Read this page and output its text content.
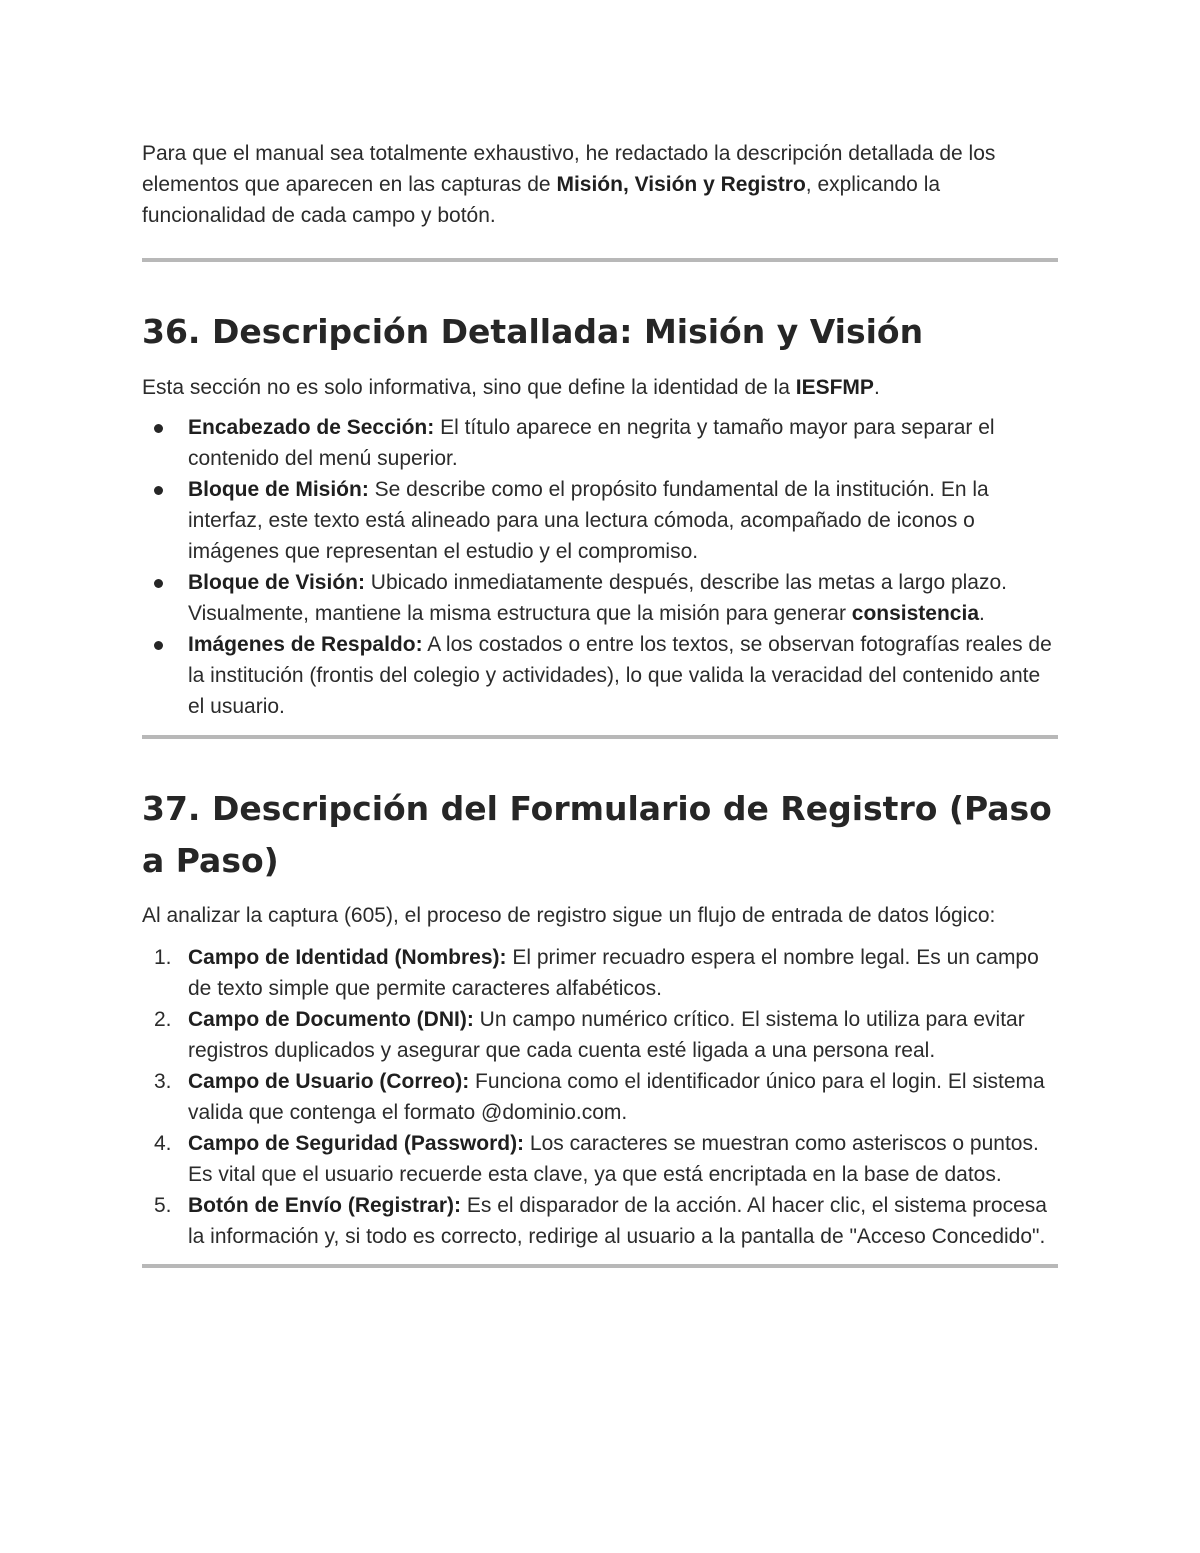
Para que el manual sea totalmente exhaustivo, he redactado la descripción detallada de los elementos que aparecen en las capturas de Misión, Visión y Registro, explicando la funcionalidad de cada campo y botón.

36. Descripción Detallada: Misión y Visión

Esta sección no es solo informativa, sino que define la identidad de la IESFMP.

Encabezado de Sección: El título aparece en negrita y tamaño mayor para separar el contenido del menú superior.
Bloque de Misión: Se describe como el propósito fundamental de la institución. En la interfaz, este texto está alineado para una lectura cómoda, acompañado de iconos o imágenes que representan el estudio y el compromiso.
Bloque de Visión: Ubicado inmediatamente después, describe las metas a largo plazo. Visualmente, mantiene la misma estructura que la misión para generar consistencia.
Imágenes de Respaldo: A los costados o entre los textos, se observan fotografías reales de la institución (frontis del colegio y actividades), lo que valida la veracidad del contenido ante el usuario.
37. Descripción del Formulario de Registro (Paso a Paso)

Al analizar la captura (605), el proceso de registro sigue un flujo de entrada de datos lógico:

1. Campo de Identidad (Nombres): El primer recuadro espera el nombre legal. Es un campo de texto simple que permite caracteres alfabéticos.
2. Campo de Documento (DNI): Un campo numérico crítico. El sistema lo utiliza para evitar registros duplicados y asegurar que cada cuenta esté ligada a una persona real.
3. Campo de Usuario (Correo): Funciona como el identificador único para el login. El sistema valida que contenga el formato @dominio.com.
4. Campo de Seguridad (Password): Los caracteres se muestran como asteriscos o puntos. Es vital que el usuario recuerde esta clave, ya que está encriptada en la base de datos.
5. Botón de Envío (Registrar): Es el disparador de la acción. Al hacer clic, el sistema procesa la información y, si todo es correcto, redirige al usuario a la pantalla de "Acceso Concedido".
